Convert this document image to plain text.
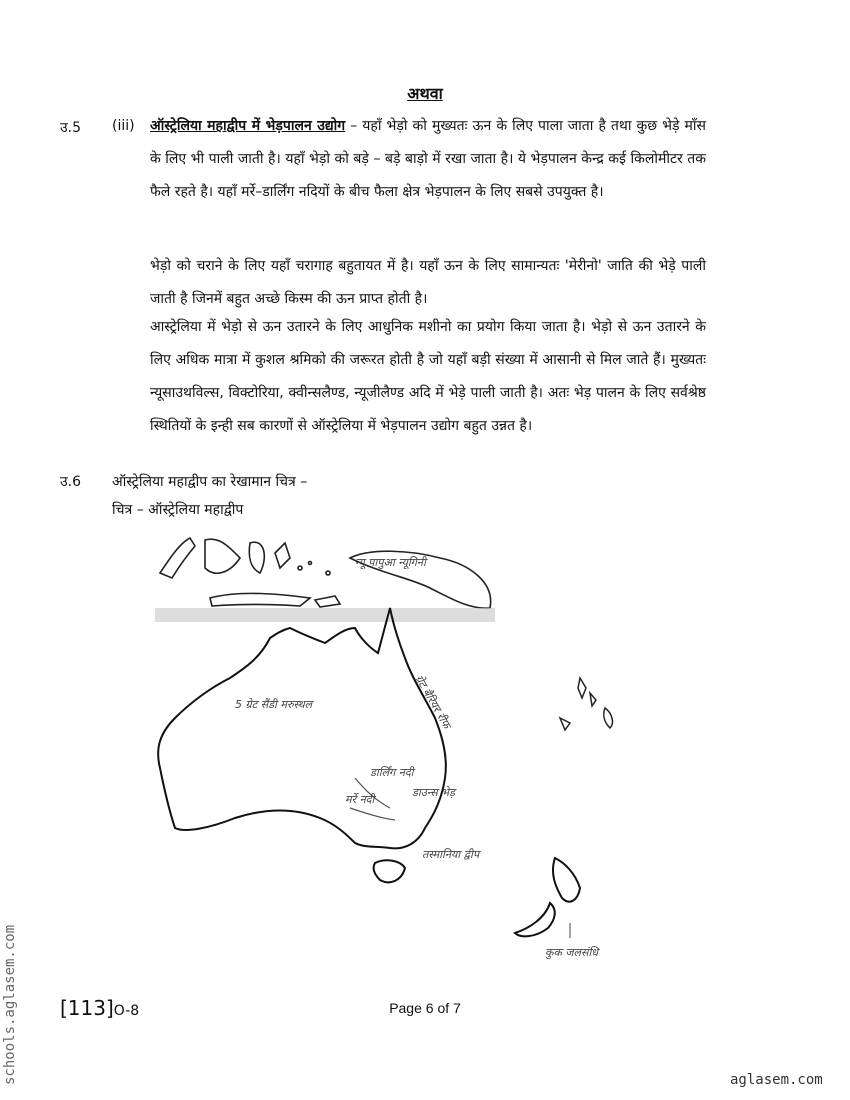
अथवा
उ.5 (iii) ऑस्ट्रेलिया महाद्वीप में भेड़पालन उद्योग – यहाँ भेड़ो को मुख्यतः ऊन के लिए पाला जाता है तथा कुछ भेड़े माँस के लिए भी पाली जाती है। यहाँ भेड़ो को बड़े – बड़े बाड़ो में रखा जाता है। ये भेड़पालन केन्द्र कई किलोमीटर तक फैले रहते है। यहाँ मर्रे–डार्लिंग नदियों के बीच फैला क्षेत्र भेड़पालन के लिए सबसे उपयुक्त है।

भेड़ो को चराने के लिए यहाँ चरागाह बहुतायत में है। यहाँ ऊन के लिए सामान्यतः 'मेरीनो' जाति की भेड़े पाली जाती है जिनमें बहुत अच्छे किस्म की ऊन प्राप्त होती है।

आस्ट्रेलिया में भेड़ो से ऊन उतारने के लिए आधुनिक मशीनो का प्रयोग किया जाता है। भेड़ो से ऊन उतारने के लिए अधिक मात्रा में कुशल श्रमिको की जरूरत होती है जो यहाँ बड़ी संख्या में आसानी से मिल जाते हैं। मुख्यतः न्यूसाउथविल्स, विक्टोरिया, क्वीन्सलैण्ड, न्यूजीलैण्ड अदि में भेड़े पाली जाती है। अतः भेड़ पालन के लिए सर्वश्रेष्ठ स्थितियों के इन्ही सब कारणों से ऑस्ट्रेलिया में भेड़पालन उद्योग बहुत उन्नत है।

उ.6 ऑस्ट्रेलिया महाद्वीप का रेखामान चित्र –
चित्र – ऑस्ट्रेलिया महाद्वीप
न्यू पापुआ न्यूगिनी
5 ग्रेट सैंडी मरुस्थल	ग्रेट बैरियर रीफ
डार्लिंग नदी
मर्रे नदी
डाउन्स भेड़
तस्मानिया द्वीप
कुक जलसंधि
schools.aglasem.com [113]O-8	Page 6 of 7
aglasem.com
